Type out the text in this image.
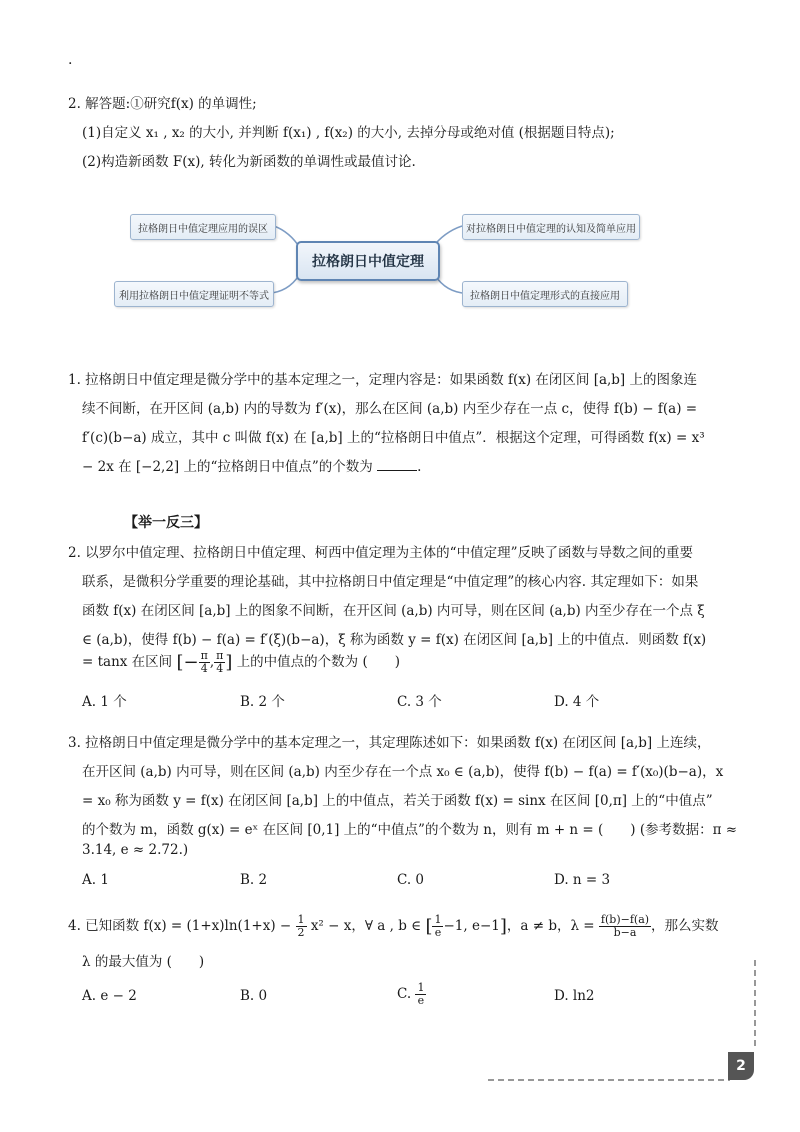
.
2. 解答题:①研究f(x) 的单调性;
(1)自定义 x₁ , x₂ 的大小, 并判断 f(x₁) , f(x₂) 的大小, 去掉分母或绝对值 (根据题目特点);
(2)构造新函数 F(x), 转化为新函数的单调性或最值讨论.
拉格朗日中值定理应用的误区
利用拉格朗日中值定理证明不等式
对拉格朗日中值定理的认知及简单应用
拉格朗日中值定理形式的直接应用
拉格朗日中值定理
1. 拉格朗日中值定理是微分学中的基本定理之一，定理内容是：如果函数 f(x) 在闭区间 [a,b] 上的图象连
续不间断，在开区间 (a,b) 内的导数为 f′(x)，那么在区间 (a,b) 内至少存在一点 c，使得 f(b) − f(a) =
f′(c)(b−a) 成立，其中 c 叫做 f(x) 在 [a,b] 上的“拉格朗日中值点”．根据这个定理，可得函数 f(x) = x³
− 2x 在 [−2,2] 上的“拉格朗日中值点”的个数为	.
【举一反三】
2. 以罗尔中值定理、拉格朗日中值定理、柯西中值定理为主体的“中值定理”反映了函数与导数之间的重要
联系，是微积分学重要的理论基础，其中拉格朗日中值定理是“中值定理”的核心内容. 其定理如下：如果
函数 f(x) 在闭区间 [a,b] 上的图象不间断，在开区间 (a,b) 内可导，则在区间 (a,b) 内至少存在一个点 ξ
∈ (a,b)，使得 f(b) − f(a) = f′(ξ)(b−a)，ξ 称为函数 y = f(x) 在闭区间 [a,b] 上的中值点．则函数 f(x)
= tanx 在区间 [− $\frac{\pi}{4}$ , $\frac{\pi}{4}$ ] 上的中值点的个数为 (　　)
A. 1 个	B. 2 个	C. 3 个	D. 4 个
3. 拉格朗日中值定理是微分学中的基本定理之一，其定理陈述如下：如果函数 f(x) 在闭区间 [a,b] 上连续，
在开区间 (a,b) 内可导，则在区间 (a,b) 内至少存在一个点 x₀ ∈ (a,b)，使得 f(b) − f(a) = f′(x₀)(b−a)，x
= x₀ 称为函数 y = f(x) 在闭区间 [a,b] 上的中值点，若关于函数 f(x) = sinx 在区间 [0,π] 上的“中值点”
的个数为 m，函数 g(x) = eˣ 在区间 [0,1] 上的“中值点”的个数为 n，则有 m + n = (　　) (参考数据：π ≈
3.14, e ≈ 2.72.)
A. 1	B. 2	C. 0	D. n = 3
4. 已知函数 $f(x) = (1+x)\ln(1+x) - \frac{1}{2} x^2 - x$，∀ a , b ∈ [ $\frac{1}{e} -1$, e−1]，a ≠ b，$\lambda = \frac{f(b)-f(a)}{b-a}$ ，那么实数
λ 的最大值为 (　　)
A. e − 2	B. 0	C. $\frac{1}{e}$	D. ln2
2
